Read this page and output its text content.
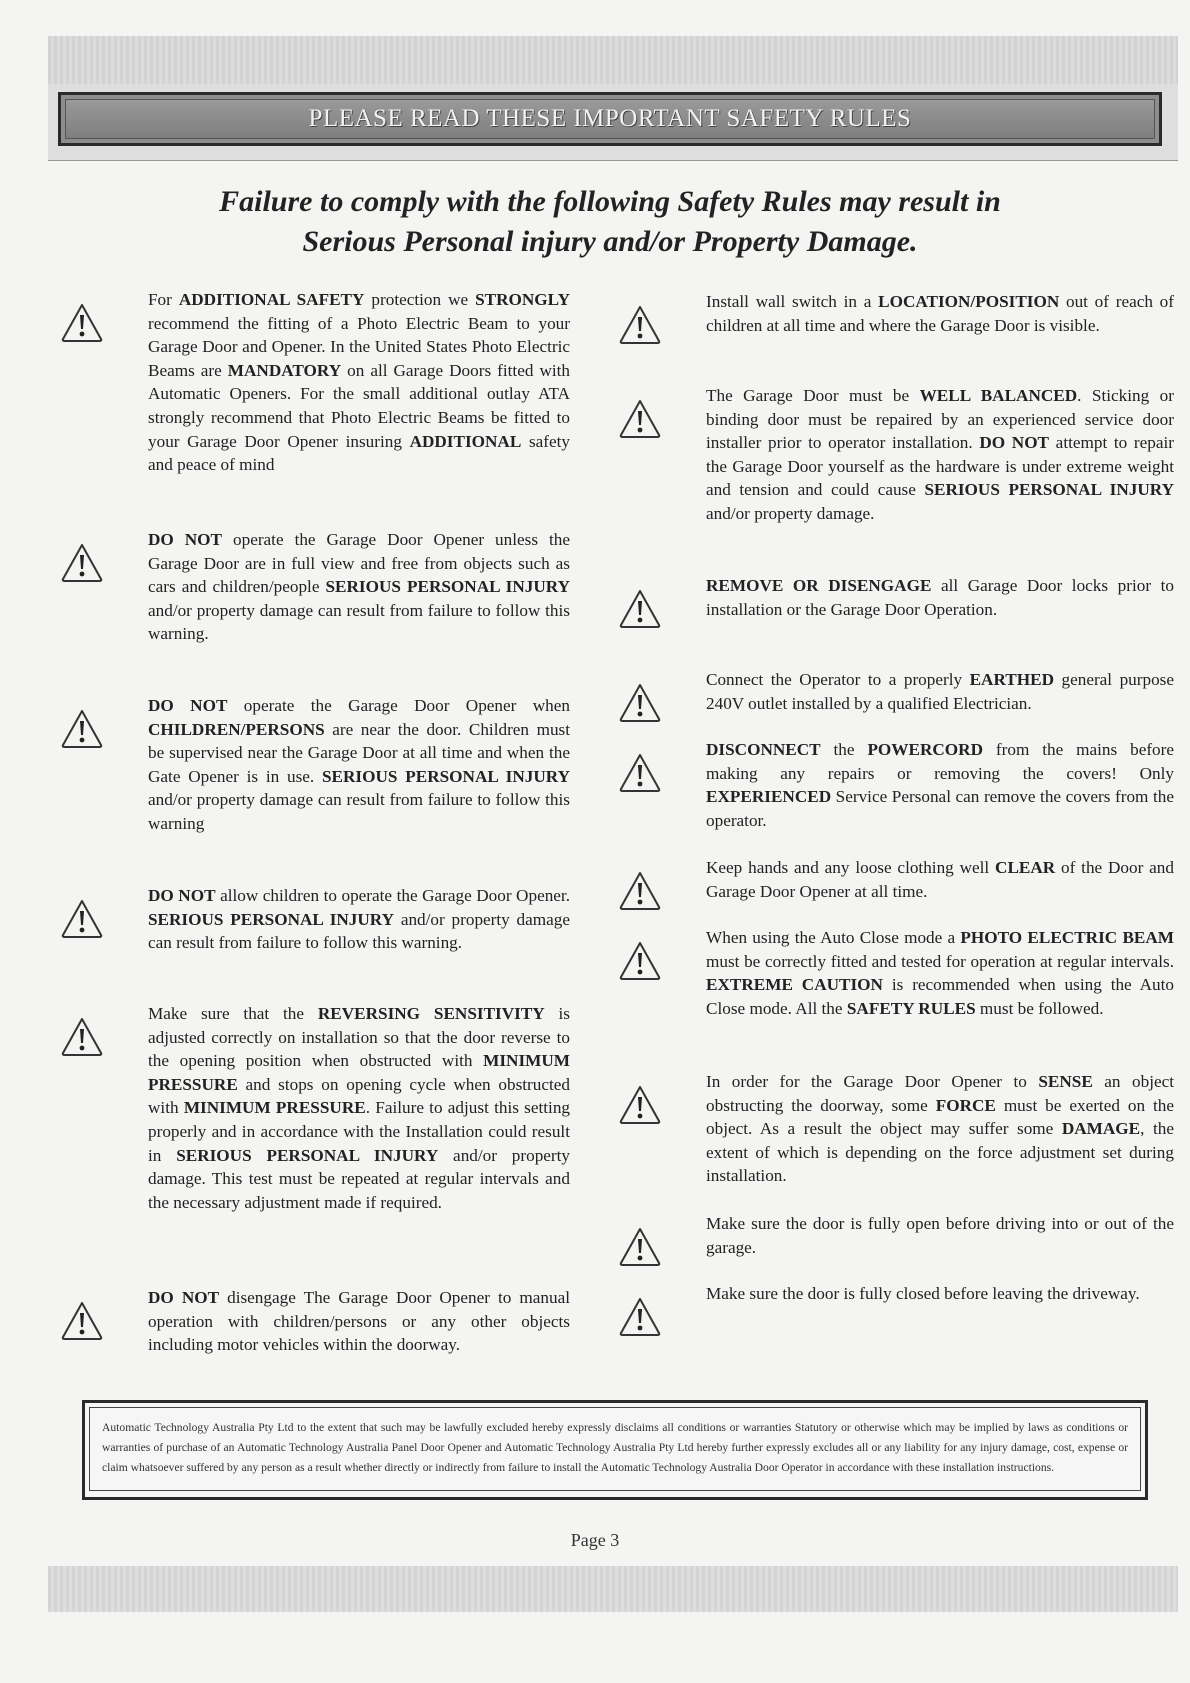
PLEASE READ THESE IMPORTANT SAFETY RULES
Failure to comply with the following Safety Rules may result in
Serious Personal injury and/or Property Damage.
For ADDITIONAL SAFETY protection we STRONGLY recommend the fitting of a Photo Electric Beam to your Garage Door and Opener. In the United States Photo Electric Beams are MANDATORY on all Garage Doors fitted with Automatic Openers. For the small additional outlay ATA strongly recommend that Photo Electric Beams be fitted to your Garage Door Opener insuring ADDITIONAL safety and peace of mind
DO NOT operate the Garage Door Opener unless the Garage Door are in full view and free from objects such as cars and children/people SERIOUS PERSONAL INJURY and/or property damage can result from failure to follow this warning.
DO NOT operate the Garage Door Opener when CHILDREN/PERSONS are near the door. Children must be supervised near the Garage Door at all time and when the Gate Opener is in use. SERIOUS PERSONAL INJURY and/or property damage can result from failure to follow this warning
DO NOT allow children to operate the Garage Door Opener. SERIOUS PERSONAL INJURY and/or property damage can result from failure to follow this warning.
Make sure that the REVERSING SENSITIVITY is adjusted correctly on installation so that the door reverse to the opening position when obstructed with MINIMUM PRESSURE and stops on opening cycle when obstructed with MINIMUM PRESSURE. Failure to adjust this setting properly and in accordance with the Installation could result in SERIOUS PERSONAL INJURY and/or property damage. This test must be repeated at regular intervals and the necessary adjustment made if required.
DO NOT disengage The Garage Door Opener to manual operation with children/persons or any other objects including motor vehicles within the doorway.
Install wall switch in a LOCATION/POSITION out of reach of children at all time and where the Garage Door is visible.
The Garage Door must be WELL BALANCED. Sticking or binding door must be repaired by an experienced service door installer prior to operator installation. DO NOT attempt to repair the Garage Door yourself as the hardware is under extreme weight and tension and could cause SERIOUS PERSONAL INJURY and/or property damage.
REMOVE OR DISENGAGE all Garage Door locks prior to installation or the Garage Door Operation.
Connect the Operator to a properly EARTHED general purpose 240V outlet installed by a qualified Electrician.
DISCONNECT the POWERCORD from the mains before making any repairs or removing the covers! Only EXPERIENCED Service Personal can remove the covers from the operator.
Keep hands and any loose clothing well CLEAR of the Door and Garage Door Opener at all time.
When using the Auto Close mode a PHOTO ELECTRIC BEAM must be correctly fitted and tested for operation at regular intervals. EXTREME CAUTION is recommended when using the Auto Close mode. All the SAFETY RULES must be followed.
In order for the Garage Door Opener to SENSE an object obstructing the doorway, some FORCE must be exerted on the object. As a result the object may suffer some DAMAGE, the extent of which is depending on the force adjustment set during installation.
Make sure the door is fully open before driving into or out of the garage.
Make sure the door is fully closed before leaving the driveway.
Automatic Technology Australia Pty Ltd to the extent that such may be lawfully excluded hereby expressly disclaims all conditions or warranties Statutory or otherwise which may be implied by laws as conditions or warranties of purchase of an Automatic Technology Australia Panel Door Opener and Automatic Technology Australia Pty Ltd hereby further expressly excludes all or any liability for any injury damage, cost, expense or claim whatsoever suffered by any person as a result whether directly or indirectly from failure to install the Automatic Technology Australia Door Operator in accordance with these installation instructions.
Page 3
